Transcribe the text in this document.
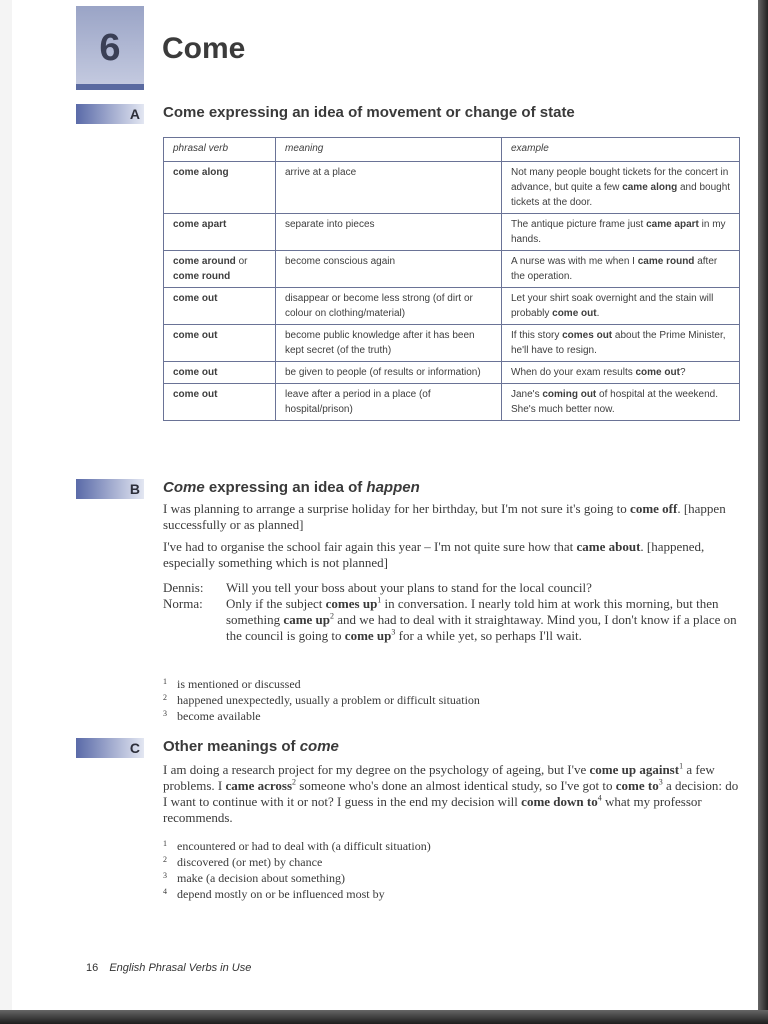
6	Come
A Come expressing an idea of movement or change of state
phrasal verb	meaning	example
come along	arrive at a place	Not many people bought tickets for the concert in advance, but quite a few came along and bought tickets at the door.
come apart	separate into pieces	The antique picture frame just came apart in my hands.
come around or come round	become conscious again	A nurse was with me when I came round after the operation.
come out	disappear or become less strong (of dirt or colour on clothing/material)	Let your shirt soak overnight and the stain will probably come out.
come out	become public knowledge after it has been kept secret (of the truth)	If this story comes out about the Prime Minister, he'll have to resign.
come out	be given to people (of results or information)	When do your exam results come out?
come out	leave after a period in a place (of hospital/prison)	Jane's coming out of hospital at the weekend. She's much better now.
B Come expressing an idea of happen
I was planning to arrange a surprise holiday for her birthday, but I'm not sure it's going to come off. [happen successfully or as planned]
I've had to organise the school fair again this year – I'm not quite sure how that came about. [happened, especially something which is not planned]
Dennis:	Will you tell your boss about your plans to stand for the local council?
Norma:	Only if the subject comes $up^1$ in conversation. I nearly told him at work this morning, but then something came $up^2$ and we had to deal with it straightaway. Mind you, I don't know if a place on the council is going to come $up^3$ for a while yet, so perhaps I'll wait.
1 is mentioned or discussed
2 happened unexpectedly, usually a problem or difficult situation
3 become available
C Other meanings of come
I am doing a research project for my degree on the psychology of ageing, but I've come up against$^1$ a few problems. I came across$^2$ someone who's done an almost identical study, so I've got to come $to^3$ a decision: do I want to continue with it or not? I guess in the end my decision will come down $to^4$ what my professor recommends.
1 encountered or had to deal with (a difficult situation)
2 discovered (or met) by chance
3 make (a decision about something)
4 depend mostly on or be influenced most by
16 English Phrasal Verbs in Use
